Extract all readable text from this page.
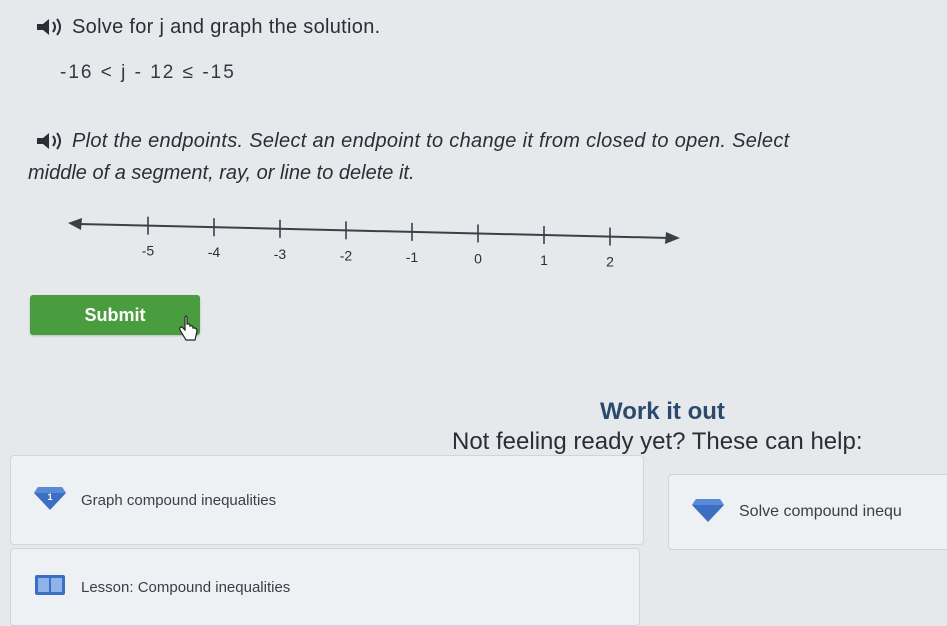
Solve for j and graph the solution.
-16 < j - 12 ≤ -15
Plot the endpoints. Select an endpoint to change it from closed to open. Select
middle of a segment, ray, or line to delete it.
-5	-4	-3	-2	-1	0	1	2
Submit
Work it out
Not feeling ready yet? These can help:
1 Graph compound inequalities
Solve compound inequ
Lesson: Compound inequalities
